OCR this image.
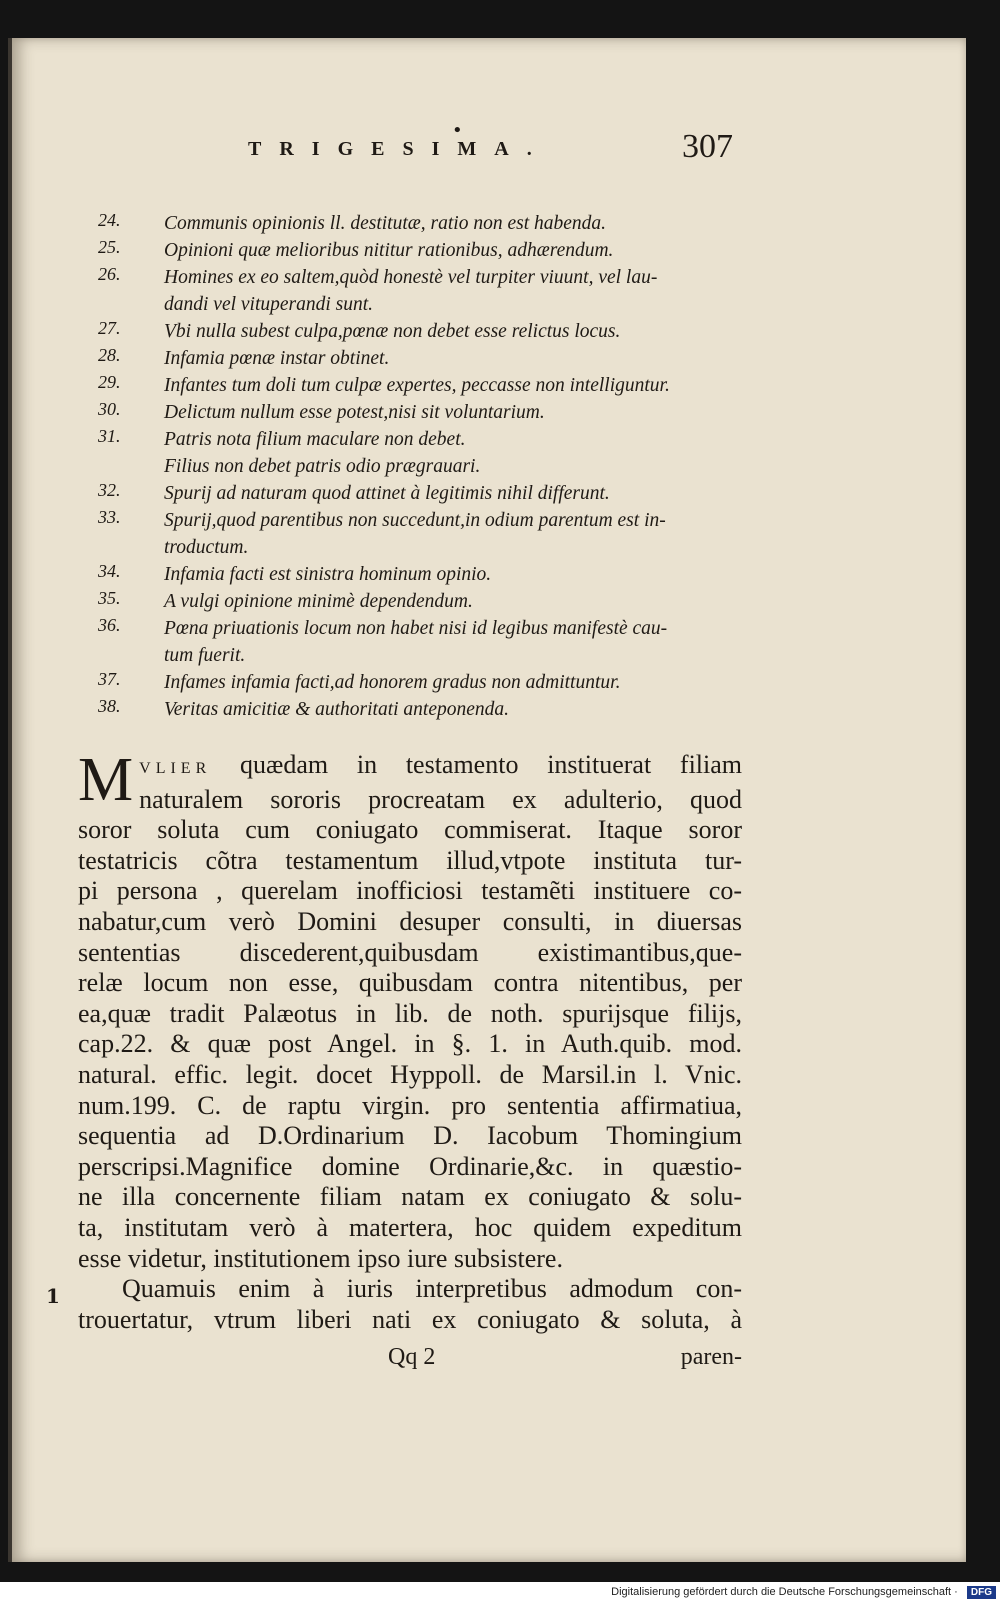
•
TRIGESIMA.	307
24.	Communis opinionis ll. destitutæ, ratio non est habenda.
25.	Opinioni quæ melioribus nititur rationibus, adhærendum.
26.	Homines ex eo saltem,quòd honestè vel turpiter viuunt, vel lau-
dandi vel vituperandi sunt.
27.	Vbi nulla subest culpa,pœnæ non debet esse relictus locus.
28.	Infamia pœnæ instar obtinet.
29.	Infantes tum doli tum culpæ expertes, peccasse non intelliguntur.
30.	Delictum nullum esse potest,nisi sit voluntarium.
31.	Patris nota filium maculare non debet.
Filius non debet patris odio prægrauari.
32.	Spurij ad naturam quod attinet à legitimis nihil differunt.
33.	Spurij,quod parentibus non succedunt,in odium parentum est in-
troductum.
34.	Infamia facti est sinistra hominum opinio.
35.	A vulgi opinione minimè dependendum.
36.	Pœna priuationis locum non habet nisi id legibus manifestè cau-
tum fuerit.
37.	Infames infamia facti,ad honorem gradus non admittuntur.
38.	Veritas amicitiæ & authoritati anteponenda.
M VLIER quædam in testamento instituerat filiam
naturalem sororis procreatam ex adulterio, quod
soror soluta cum coniugato commiserat. Itaque soror
testatricis cõtra testamentum illud,vtpote instituta tur-
pi persona , querelam inofficiosi testamẽti instituere co-
nabatur,cum verò Domini desuper consulti, in diuersas
sententias discederent,quibusdam existimantibus,que-
relæ locum non esse, quibusdam contra nitentibus, per
ea,quæ tradit Palæotus in lib. de noth. spurijsque filijs,
cap.22. & quæ post Angel. in §. 1. in Auth.quib. mod.
natural. effic. legit. docet Hyppoll. de Marsil.in l. Vnic.
num.199. C. de raptu virgin. pro sententia affirmatiua,
sequentia ad D.Ordinarium D. Iacobum Thomingium
perscripsi.Magnifice domine Ordinarie,&c. in quæstio-
ne illa concernente filiam natam ex coniugato & solu-
ta, institutam verò à matertera, hoc quidem expeditum
esse videtur, institutionem ipso iure subsistere.
Quamuis enim à iuris interpretibus admodum con-
trouertatur, vtrum liberi nati ex coniugato & soluta, à
1
Qq 2	paren-
Digitalisierung gefördert durch die Deutsche Forschungsgemeinschaft · DFG
